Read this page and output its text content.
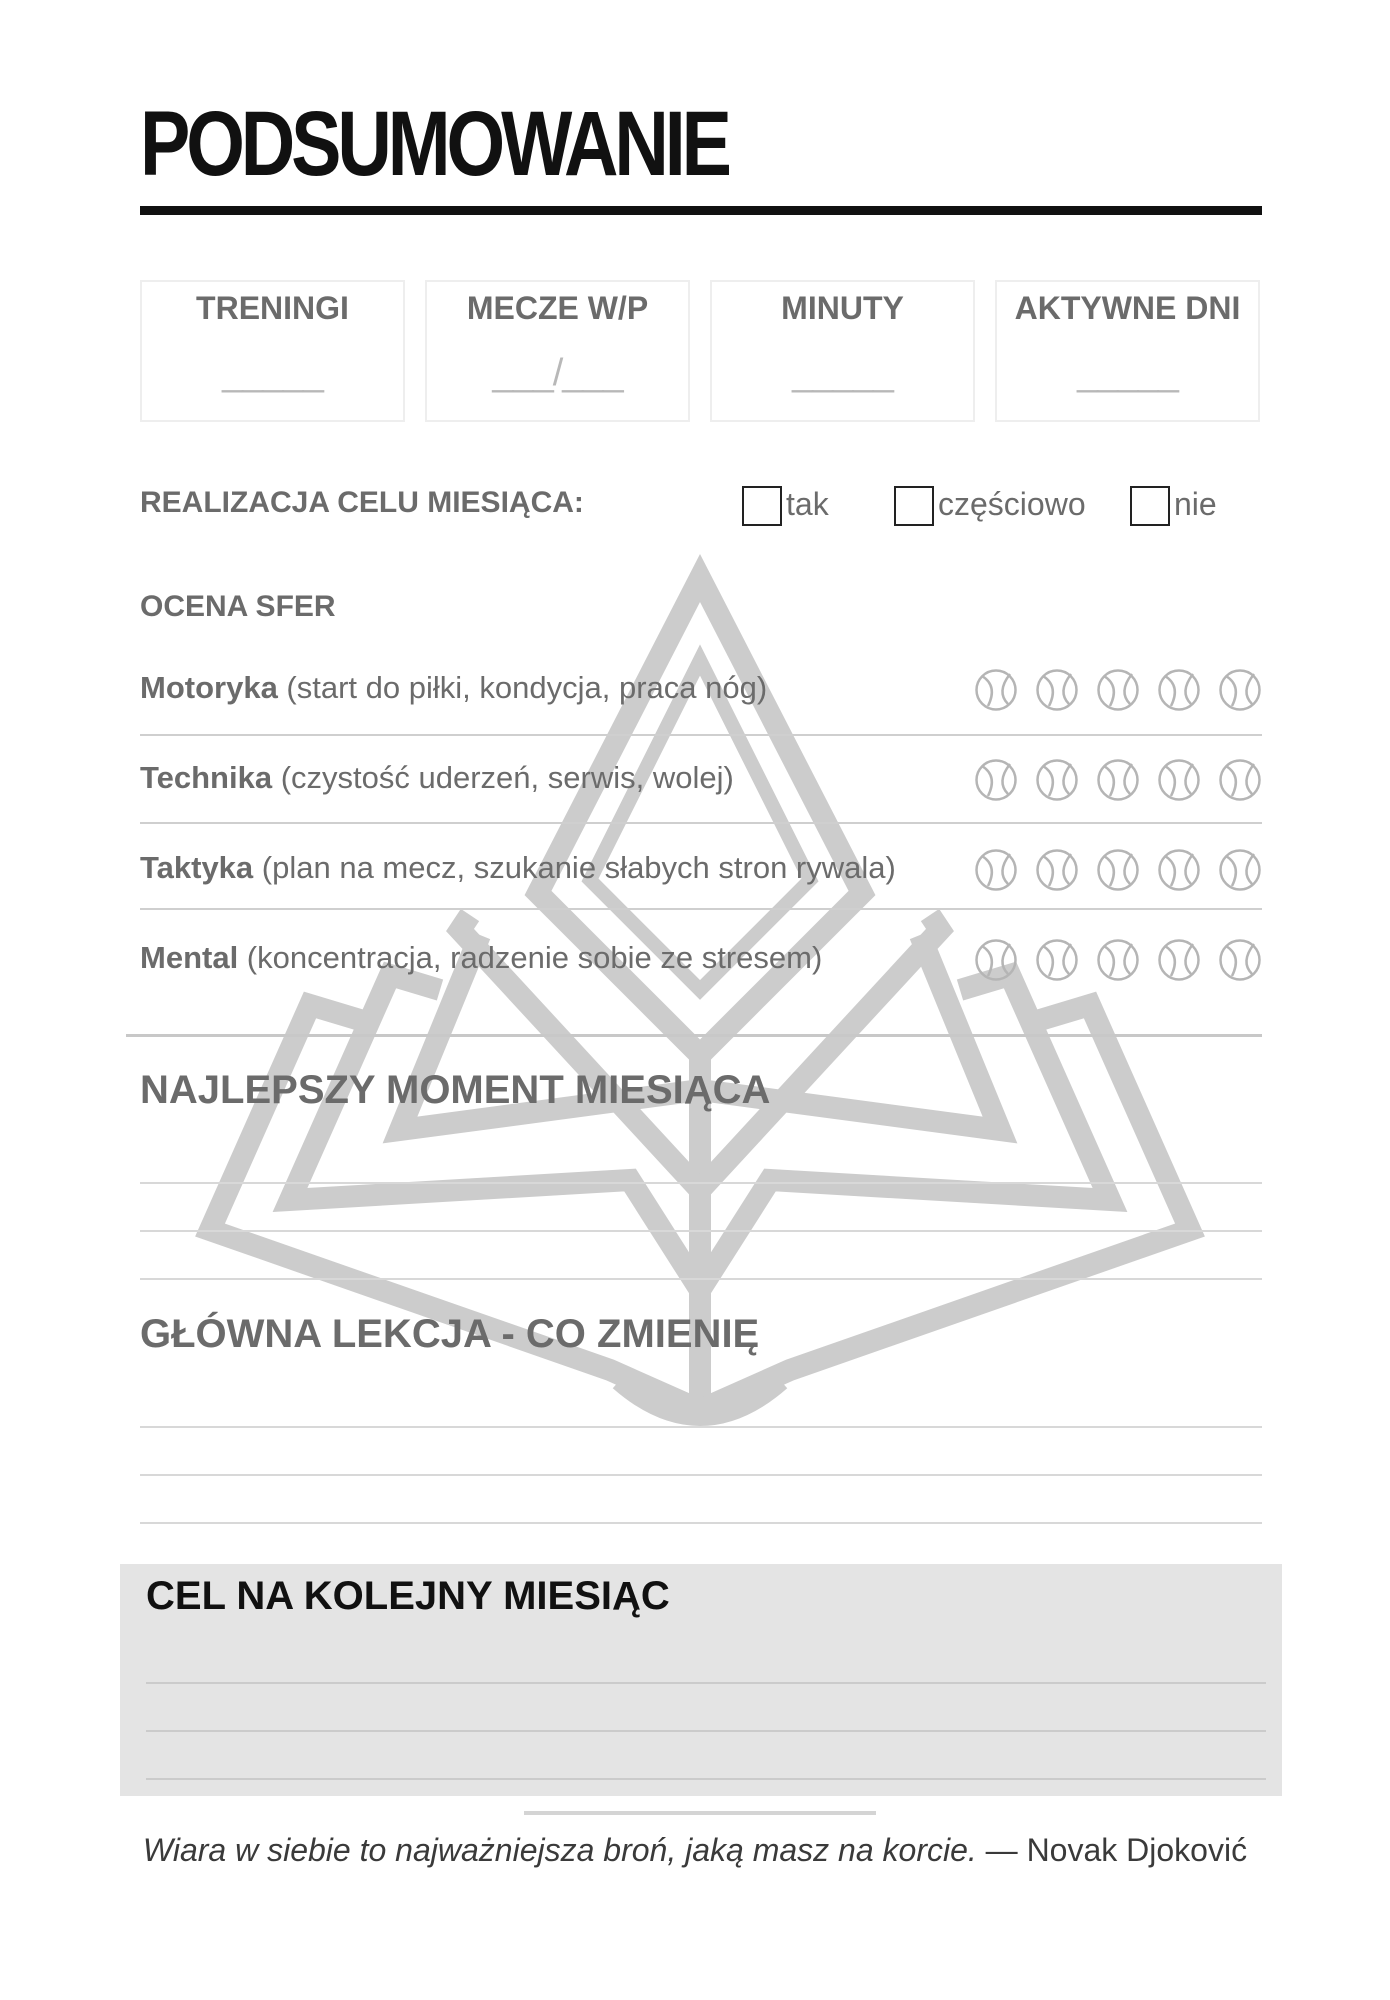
PODSUMOWANIE
TRENINGI
_____
MECZE W/P
___/___
MINUTY
_____
AKTYWNE DNI
_____
REALIZACJA CELU MIESIĄCA:	tak	częściowo	nie
OCENA SFER
Motoryka (start do piłki, kondycja, praca nóg)
Technika (czystość uderzeń, serwis, wolej)
Taktyka (plan na mecz, szukanie słabych stron rywala)
Mental (koncentracja, radzenie sobie ze stresem)
NAJLEPSZY MOMENT MIESIĄCA
GŁÓWNA LEKCJA - CO ZMIENIĘ
CEL NA KOLEJNY MIESIĄC
Wiara w siebie to najważniejsza broń, jaką masz na korcie. — Novak Djoković
